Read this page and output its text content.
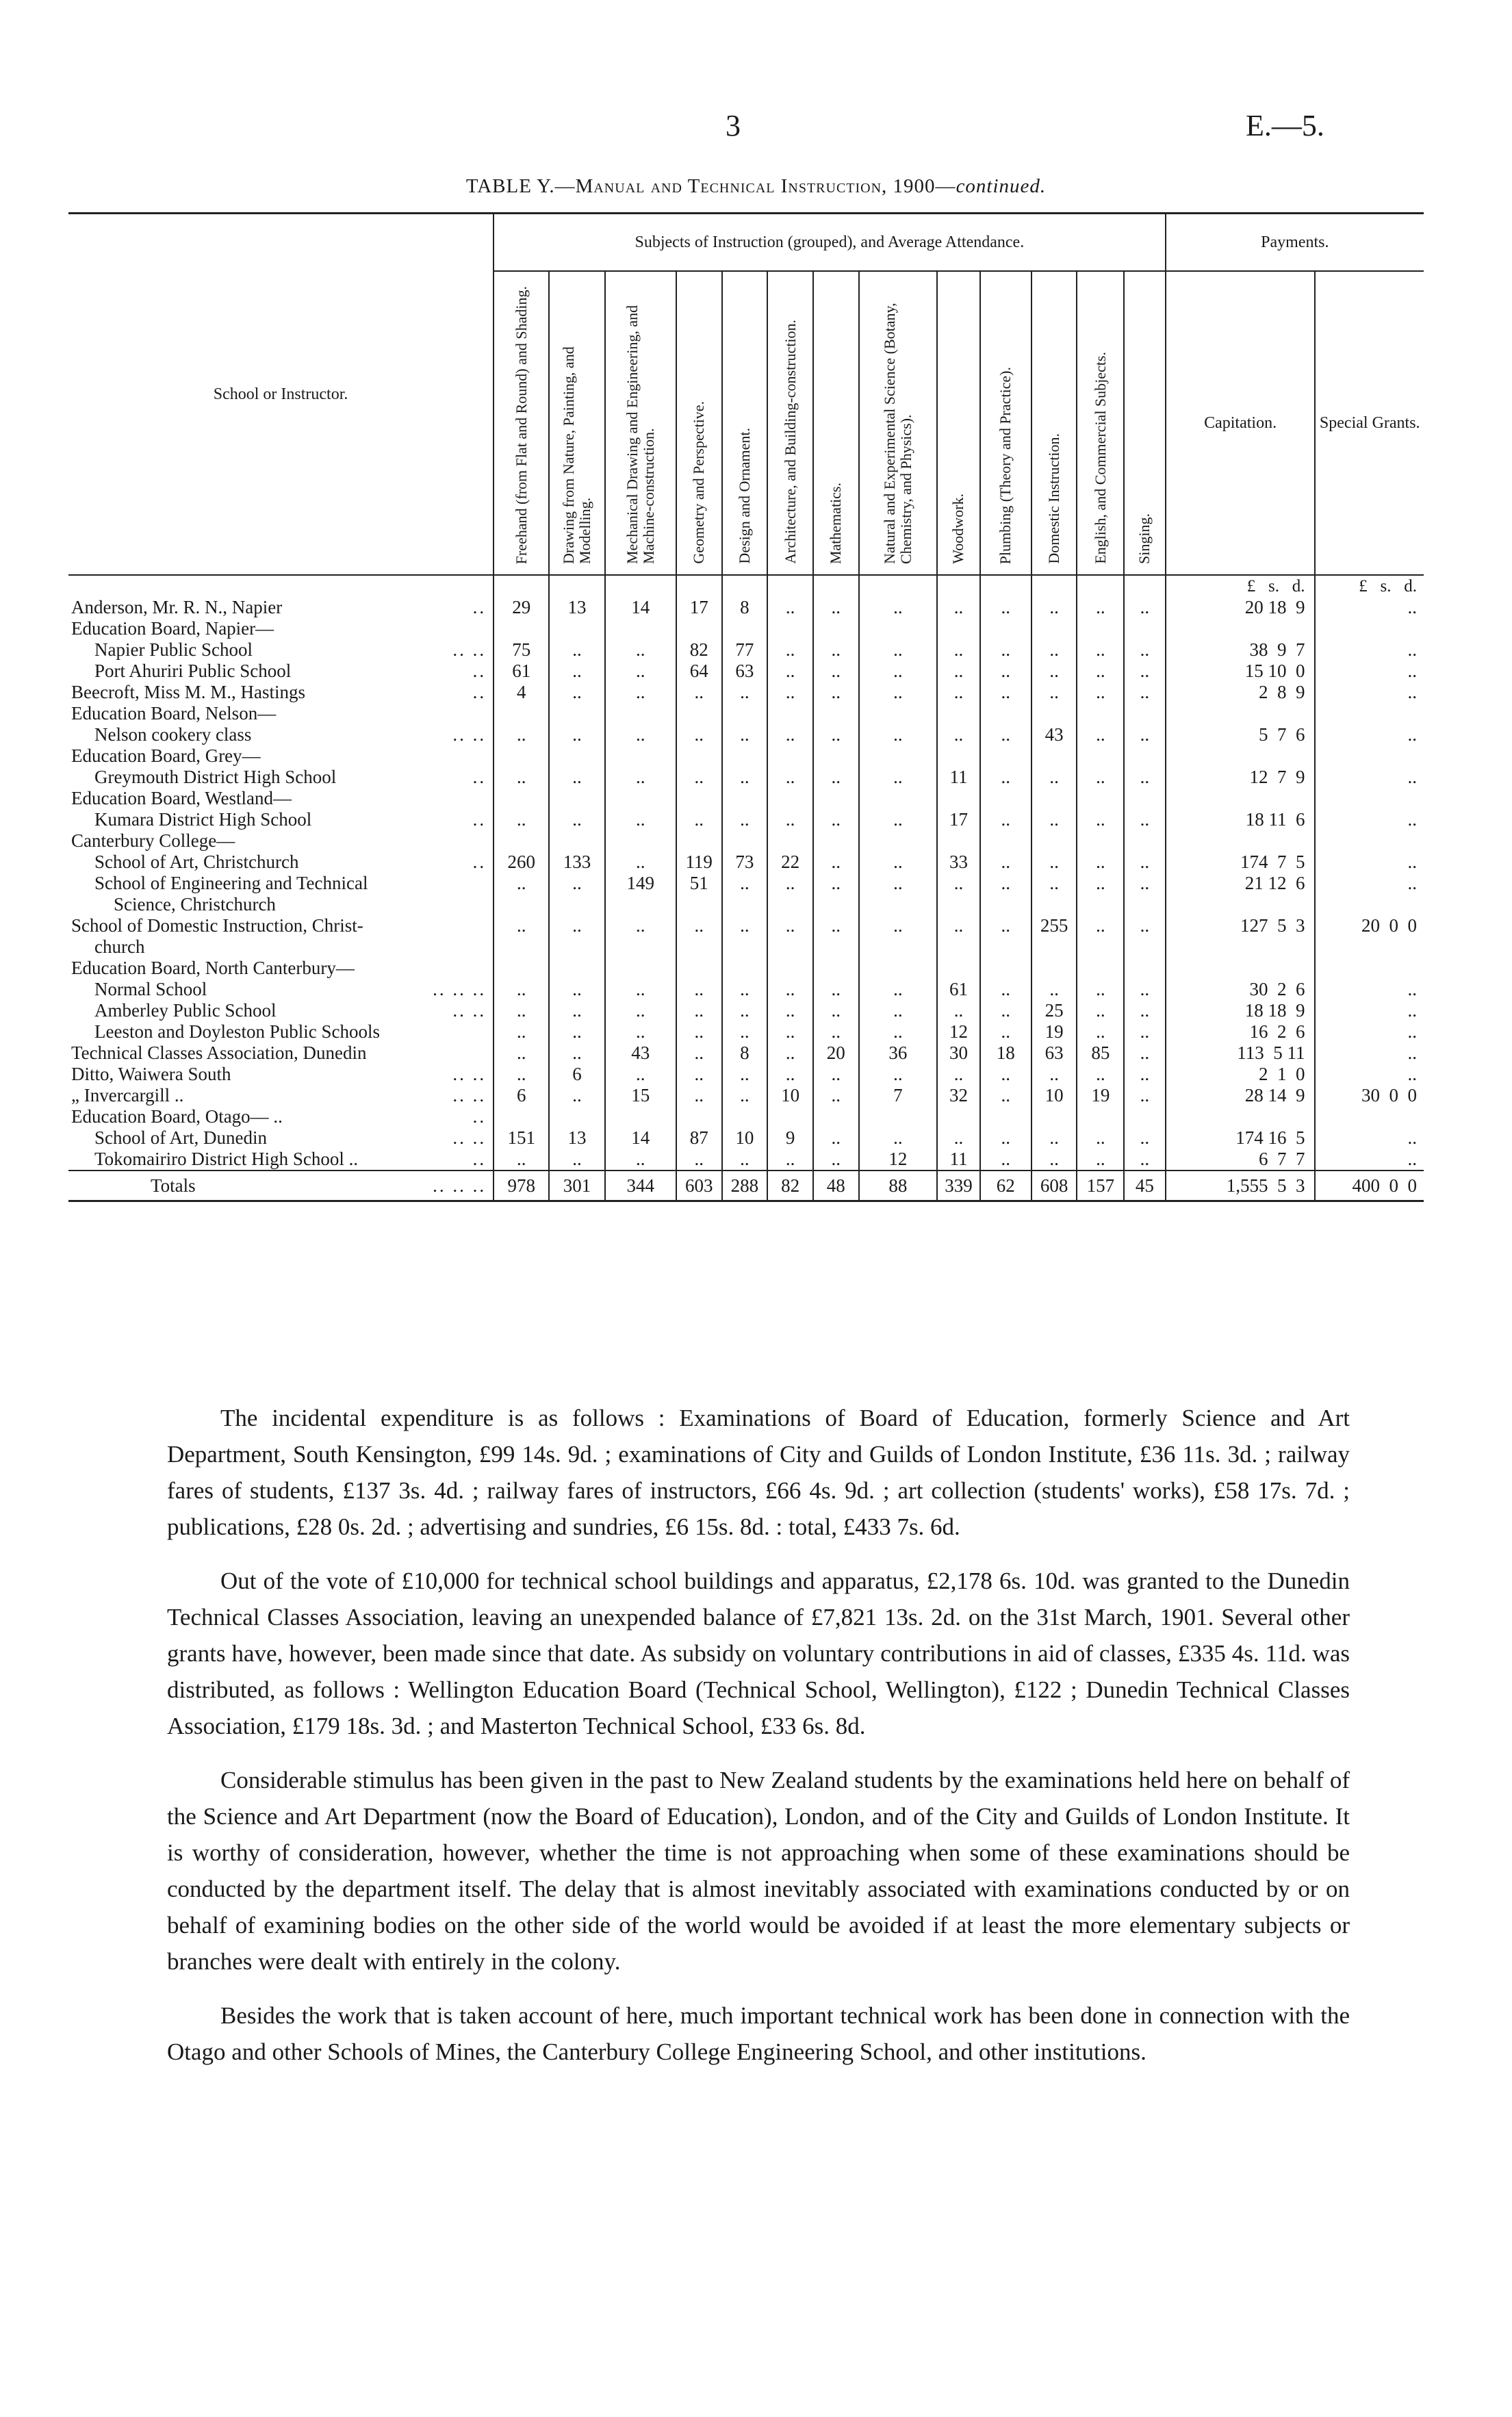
3	E.—5.
TABLE Y.—Manual and Technical Instruction, 1900—continued.
School or Instructor.	Subjects of Instruction (grouped), and Average Attendance.													Payments.	
	Freehand (from Flat and Round) and Shading.	Drawing from Nature, Painting, and Modelling.	Mechanical Drawing and Engineering, and Machine-construction.	Geometry and Perspective.	Design and Ornament.	Architecture, and Building-construction.	Mathematics.	Natural and Experimental Science (Botany, Chemistry, and Physics).	Woodwork.	Plumbing (Theory and Practice).	Domestic Instruction.	English, and Commercial Subjects.	Singing.	Capitation.	Special Grants.
														£   s.   d.	£   s.   d.
Anderson, Mr. R. N., Napier ..	29	13	14	17	8	..	..	..	..	..	..	..	..	20 18  9	..
Education Board, Napier—															
Napier Public School .. ..	75	..	..	82	77	..	..	..	..	..	..	..	..	38  9  7	..
Port Ahuriri Public School ..	61	..	..	64	63	..	..	..	..	..	..	..	..	15 10  0	..
Beecroft, Miss M. M., Hastings ..	4	..	..	..	..	..	..	..	..	..	..	..	..	2  8  9	..
Education Board, Nelson—															
Nelson cookery class .. ..	..	..	..	..	..	..	..	..	..	..	43	..	..	5  7  6	..
Education Board, Grey—															
Greymouth District High School ..	..	..	..	..	..	..	..	..	11	..	..	..	..	12  7  9	..
Education Board, Westland—															
Kumara District High School ..	..	..	..	..	..	..	..	..	17	..	..	..	..	18 11  6	..
Canterbury College—															
School of Art, Christchurch ..	260	133	..	119	73	22	..	..	33	..	..	..	..	174  7  5	..
School of Engineering and Technical	..	..	149	51	..	..	..	..	..	..	..	..	..	21 12  6	..
Science, Christchurch															
School of Domestic Instruction, Christ-	..	..	..	..	..	..	..	..	..	..	255	..	..	127  5  3	20  0  0
church															
Education Board, North Canterbury—															
Normal School .. .. ..	..	..	..	..	..	..	..	..	61	..	..	..	..	30  2  6	..
Amberley Public School .. ..	..	..	..	..	..	..	..	..	..	..	25	..	..	18 18  9	..
Leeston and Doyleston Public Schools	..	..	..	..	..	..	..	..	12	..	19	..	..	16  2  6	..
Technical Classes Association, Dunedin	..	..	43	..	8	..	20	36	30	18	63	85	..	113  5 11	..
Ditto, Waiwera South .. ..	..	6	..	..	..	..	..	..	..	..	..	..	..	2  1  0	..
„ Invercargill .. .. ..	6	..	15	..	..	10	..	7	32	..	10	19	..	28 14  9	30  0  0
Education Board, Otago— .. ..															

School of Art, Dunedin .. ..	151	13	14	87	10	9	..	..	..	..	..	..	..	174 16  5	..
Tokomairiro District High School .. ..	..	..	..	..	..	..	..	12	11	..	..	..	..	6  7  7	..
Totals .. .. ..	978	301	344	603	288	82	48	88	339	62	608	157	45	1,555  5  3	400  0  0

The incidental expenditure is as follows : Examinations of Board of Education, formerly Science and Art Department, South Kensington, £99 14s. 9d. ; examinations of City and Guilds of London Institute, £36 11s. 3d. ; railway fares of students, £137 3s. 4d. ; railway fares of instructors, £66 4s. 9d. ; art collection (students' works), £58 17s. 7d. ; publications, £28 0s. 2d. ; advertising and sundries, £6 15s. 8d. : total, £433 7s. 6d.

Out of the vote of £10,000 for technical school buildings and apparatus, £2,178 6s. 10d. was granted to the Dunedin Technical Classes Association, leaving an unexpended balance of £7,821 13s. 2d. on the 31st March, 1901. Several other grants have, however, been made since that date. As subsidy on voluntary contributions in aid of classes, £335 4s. 11d. was distributed, as follows : Wellington Education Board (Technical School, Wellington), £122 ; Dunedin Technical Classes Association, £179 18s. 3d. ; and Masterton Technical School, £33 6s. 8d.

Considerable stimulus has been given in the past to New Zealand students by the examinations held here on behalf of the Science and Art Department (now the Board of Education), London, and of the City and Guilds of London Institute. It is worthy of consideration, however, whether the time is not approaching when some of these examinations should be conducted by the department itself. The delay that is almost inevitably associated with examinations conducted by or on behalf of examining bodies on the other side of the world would be avoided if at least the more elementary subjects or branches were dealt with entirely in the colony.

Besides the work that is taken account of here, much important technical work has been done in connection with the Otago and other Schools of Mines, the Canterbury College Engineering School, and other institutions.
